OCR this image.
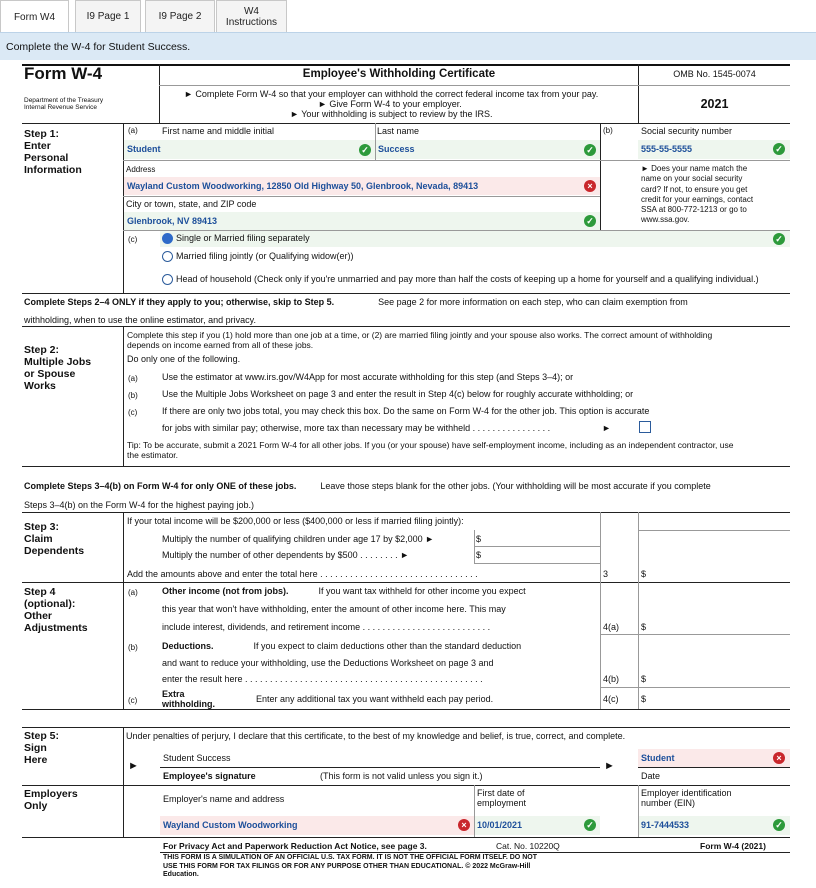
Form W4	I9 Page 1	I9 Page 2	W4
Instructions
Complete the W-4 for Student Success.
Form W-4
Department of the Treasury
Internal Revenue Service
Employee's Withholding Certificate
► Complete Form W-4 so that your employer can withhold the correct federal income tax from your pay.
► Give Form W-4 to your employer.
► Your withholding is subject to review by the IRS.
OMB No. 1545-0074
2021
Step 1:
Enter
Personal
Information
(a)	First name and middle initial	Last name	(b)	Social security number
Student	✓ Success	✓	555-55-5555	✓
Address
Wayland Custom Woodworking, 12850 Old Highway 50, Glenbrook, Nevada, 89413	×
City or town, state, and ZIP code
Glenbrook, NV 89413	✓
► Does your name match the
name on your social security
card? If not, to ensure you get
credit for your earnings, contact
SSA at 800-772-1213 or go to
www.ssa.gov.
(c)	Single or Married filing separately	✓
Married filing jointly (or Qualifying widow(er))
Head of household (Check only if you're unmarried and pay more than half the costs of keeping up a home for yourself and a qualifying individual.)
Complete Steps 2–4 ONLY if they apply to you; otherwise, skip to Step 5.	See page 2 for more information on each step, who can claim exemption from
withholding, when to use the online estimator, and privacy.
Step 2:
Multiple Jobs
or Spouse
Works
Complete this step if you (1) hold more than one job at a time, or (2) are married filing jointly and your spouse also works. The correct amount of withholding
depends on income earned from all of these jobs.
Do only one of the following.
(a)	Use the estimator at www.irs.gov/W4App for most accurate withholding for this step (and Steps 3–4); or
(b)	Use the Multiple Jobs Worksheet on page 3 and enter the result in Step 4(c) below for roughly accurate withholding; or
(c)	If there are only two jobs total, you may check this box. Do the same on Form W-4 for the other job. This option is accurate
for jobs with similar pay; otherwise, more tax than necessary may be withheld . . . . . . . . . . . . . . . .	►
Tip: To be accurate, submit a 2021 Form W-4 for all other jobs. If you (or your spouse) have self-employment income, including as an independent contractor, use
the estimator.
Complete Steps 3–4(b) on Form W-4 for only ONE of these jobs.	Leave those steps blank for the other jobs. (Your withholding will be most accurate if you complete
Steps 3–4(b) on the Form W-4 for the highest paying job.)
Step 3:
Claim
Dependents
If your total income will be $200,000 or less ($400,000 or less if married filing jointly):
Multiply the number of qualifying children under age 17 by $2,000 ►	$
Multiply the number of other dependents by $500 . . . . . . . . ►	$
Add the amounts above and enter the total here . . . . . . . . . . . . . . . . . . . . . . . . . . . . . . . .	3	$
Step 4
(optional):
Other
Adjustments
(a)	Other income (not from jobs).	If you want tax withheld for other income you expect
this year that won't have withholding, enter the amount of other income here. This may
include interest, dividends, and retirement income . . . . . . . . . . . . . . . . . . . . . . . . . .	4(a) $
(b)	Deductions.	If you expect to claim deductions other than the standard deduction
and want to reduce your withholding, use the Deductions Worksheet on page 3 and
enter the result here . . . . . . . . . . . . . . . . . . . . . . . . . . . . . . . . . . . . . . . . . . . . . . . .	4(b) $
(c)
Extra
withholding.	Enter any additional tax you want withheld each pay period.	4(c)	$
Step 5:
Sign
Here
Under penalties of perjury, I declare that this certificate, to the best of my knowledge and belief, is true, correct, and complete.
►
Student Success
Employee's signature	(This form is not valid unless you sign it.)
►
Student	×
Date
Employers
Only
Employer's name and address
First date of
employment
Employer identification
number (EIN)
Wayland Custom Woodworking	×	10/01/2021	✓	91-7444533	✓
For Privacy Act and Paperwork Reduction Act Notice, see page 3.	Cat. No. 10220Q	Form W-4 (2021)
THIS FORM IS A SIMULATION OF AN OFFICIAL U.S. TAX FORM. IT IS NOT THE OFFICIAL FORM ITSELF. DO NOT
USE THIS FORM FOR TAX FILINGS OR FOR ANY PURPOSE OTHER THAN EDUCATIONAL. © 2022 McGraw-Hill
Education.
